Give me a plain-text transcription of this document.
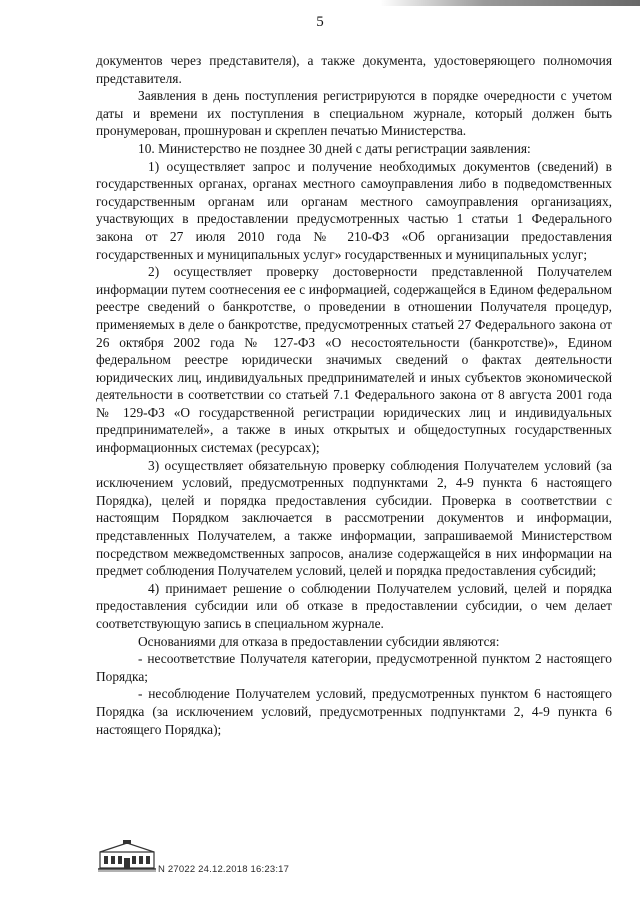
5

документов через представителя), а также документа, удостоверяющего полномочия представителя.

Заявления в день поступления регистрируются в порядке очередности с учетом даты и времени их поступления в специальном журнале, который должен быть пронумерован, прошнурован и скреплен печатью Министерства.

10. Министерство не позднее 30 дней с даты регистрации заявления:

1) осуществляет запрос и получение необходимых документов (сведений) в государственных органах, органах местного самоуправления либо в подведомственных государственным органам или органам местного самоуправления организациях, участвующих в предоставлении предусмотренных частью 1 статьи 1 Федерального закона от 27 июля 2010 года № 210-ФЗ «Об организации предоставления государственных и муниципальных услуг» государственных и муниципальных услуг;

2) осуществляет проверку достоверности представленной Получателем информации путем соотнесения ее с информацией, содержащейся в Едином федеральном реестре сведений о банкротстве, о проведении в отношении Получателя процедур, применяемых в деле о банкротстве, предусмотренных статьей 27 Федерального закона от 26 октября 2002 года № 127-ФЗ «О несостоятельности (банкротстве)», Едином федеральном реестре юридически значимых сведений о фактах деятельности юридических лиц, индивидуальных предпринимателей и иных субъектов экономической деятельности в соответствии со статьей 7.1 Федерального закона от 8 августа 2001 года № 129-ФЗ «О государственной регистрации юридических лиц и индивидуальных предпринимателей», а также в иных открытых и общедоступных государственных информационных системах (ресурсах);

3) осуществляет обязательную проверку соблюдения Получателем условий (за исключением условий, предусмотренных подпунктами 2, 4-9 пункта 6 настоящего Порядка), целей и порядка предоставления субсидии. Проверка в соответствии с настоящим Порядком заключается в рассмотрении документов и информации, представленных Получателем, а также информации, запрашиваемой Министерством посредством межведомственных запросов, анализе содержащейся в них информации на предмет соблюдения Получателем условий, целей и порядка предоставления субсидий;

4) принимает решение о соблюдении Получателем условий, целей и порядка предоставления субсидии или об отказе в предоставлении субсидии, о чем делает соответствующую запись в специальном журнале.

Основаниями для отказа в предоставлении субсидии являются:

- несоответствие Получателя категории, предусмотренной пунктом 2 настоящего Порядка;

- несоблюдение Получателем условий, предусмотренных пунктом 6 настоящего Порядка (за исключением условий, предусмотренных подпунктами 2, 4-9 пункта 6 настоящего Порядка);

N 27022 24.12.2018 16:23:17
